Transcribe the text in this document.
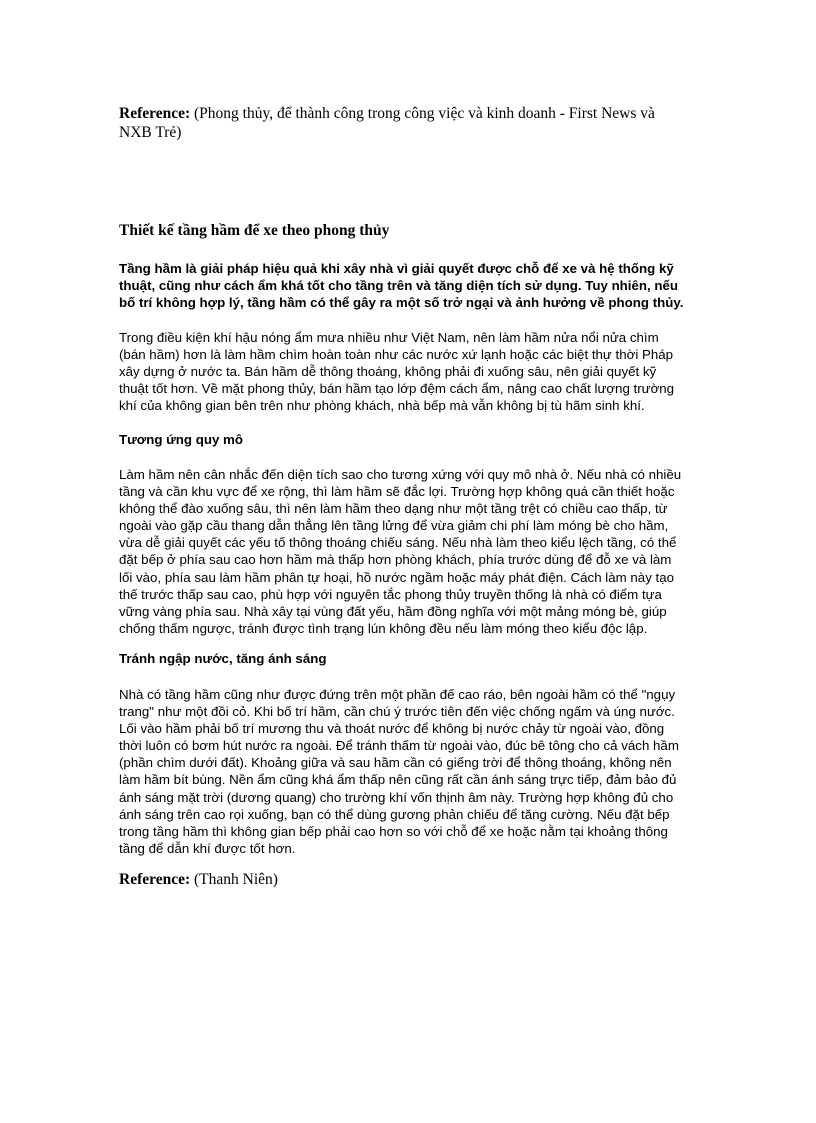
Reference: (Phong thủy, để thành công trong công việc và kinh doanh - First News và NXB Trẻ)

Thiết kế tầng hầm để xe theo phong thủy

Tầng hầm là giải pháp hiệu quả khi xây nhà vì giải quyết được chỗ để xe và hệ thống kỹ thuật, cũng như cách ẩm khá tốt cho tầng trên và tăng diện tích sử dụng. Tuy nhiên, nếu bố trí không hợp lý, tầng hầm có thể gây ra một số trở ngại và ảnh hưởng về phong thủy.

Trong điều kiện khí hậu nóng ẩm mưa nhiều như Việt Nam, nên làm hầm nửa nổi nửa chìm (bán hầm) hơn là làm hầm chìm hoàn toàn như các nước xứ lạnh hoặc các biệt thự thời Pháp xây dựng ở nước ta. Bán hầm dễ thông thoáng, không phải đi xuống sâu, nên giải quyết kỹ thuật tốt hơn. Về mặt phong thủy, bán hầm tạo lớp đệm cách ẩm, nâng cao chất lượng trường khí của không gian bên trên như phòng khách, nhà bếp mà vẫn không bị tù hãm sinh khí.

Tương ứng quy mô

Làm hầm nên cân nhắc đến diện tích sao cho tương xứng với quy mô nhà ở. Nếu nhà có nhiều tầng và cần khu vực để xe rộng, thì làm hầm sẽ đắc lợi. Trường hợp không quá cần thiết hoặc không thể đào xuống sâu, thì nên làm hầm theo dạng như một tầng trệt có chiều cao thấp, từ ngoài vào gặp cầu thang dẫn thẳng lên tầng lửng để vừa giảm chi phí làm móng bè cho hầm, vừa dễ giải quyết các yếu tố thông thoáng chiếu sáng. Nếu nhà làm theo kiểu lệch tầng, có thể đặt bếp ở phía sau cao hơn hầm mà thấp hơn phòng khách, phía trước dùng để đỗ xe và làm lối vào, phía sau làm hầm phân tự hoại, hồ nước ngầm hoặc máy phát điện. Cách làm này tạo thế trước thấp sau cao, phù hợp với nguyên tắc phong thủy truyền thống là nhà có điểm tựa vững vàng phía sau. Nhà xây tại vùng đất yếu, hầm đồng nghĩa với một mảng móng bè, giúp chống thấm ngược, tránh được tình trạng lún không đều nếu làm móng theo kiểu độc lập.

Tránh ngập nước, tăng ánh sáng

Nhà có tầng hầm cũng như được đứng trên một phần đế cao ráo, bên ngoài hầm có thể "ngụy trang" như một đồi cỏ. Khi bố trí hầm, cần chú ý trước tiên đến việc chống ngấm và úng nước. Lối vào hầm phải bố trí mương thu và thoát nước để không bị nước chảy từ ngoài vào, đồng thời luôn có bơm hút nước ra ngoài. Để tránh thấm từ ngoài vào, đúc bê tông cho cả vách hầm (phần chìm dưới đất). Khoảng giữa và sau hầm cần có giếng trời để thông thoáng, không nên làm hầm bít bùng. Nền ẩm cũng khá ẩm thấp nên cũng rất cần ánh sáng trực tiếp, đảm bảo đủ ánh sáng mặt trời (dương quang) cho trường khí vốn thịnh âm này. Trường hợp không đủ cho ánh sáng trên cao rọi xuống, bạn có thể dùng gương phản chiếu để tăng cường. Nếu đặt bếp trong tầng hầm thì không gian bếp phải cao hơn so với chỗ để xe hoặc nằm tại khoảng thông tầng để dẫn khí được tốt hơn.

Reference: (Thanh Niên)
